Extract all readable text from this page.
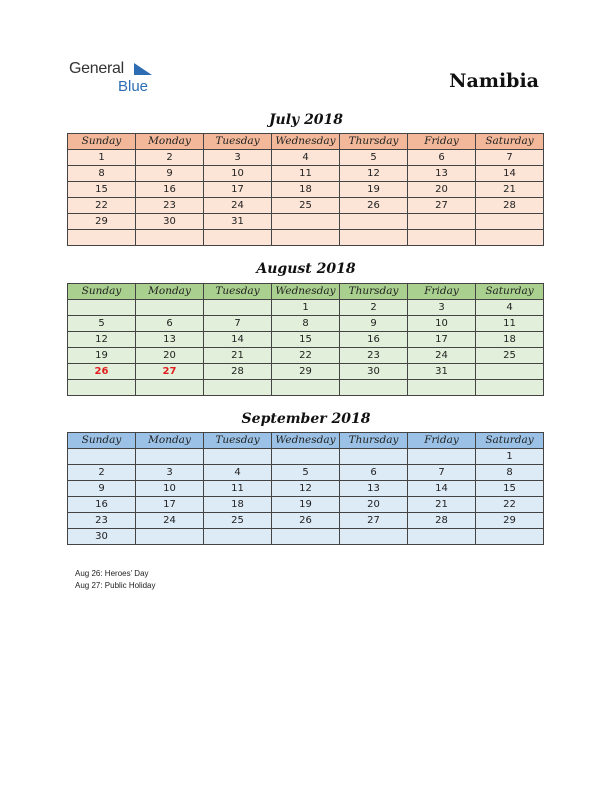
General
Blue	Namibia
July 2018
Sunday	Monday	Tuesday	Wednesday	Thursday	Friday	Saturday
1	2	3	4	5	6	7
8	9	10	11	12	13	14
15	16	17	18	19	20	21
22	23	24	25	26	27	28
29	30	31				

August 2018
Sunday	Monday	Tuesday	Wednesday	Thursday	Friday	Saturday
			1	2	3	4
5	6	7	8	9	10	11
12	13	14	15	16	17	18
19	20	21	22	23	24	25
26	27	28	29	30	31	

September 2018
Sunday	Monday	Tuesday	Wednesday	Thursday	Friday	Saturday
						1
2	3	4	5	6	7	8
9	10	11	12	13	14	15
16	17	18	19	20	21	22
23	24	25	26	27	28	29
30						
Aug 26: Heroes’ Day
Aug 27: Public Holiday
